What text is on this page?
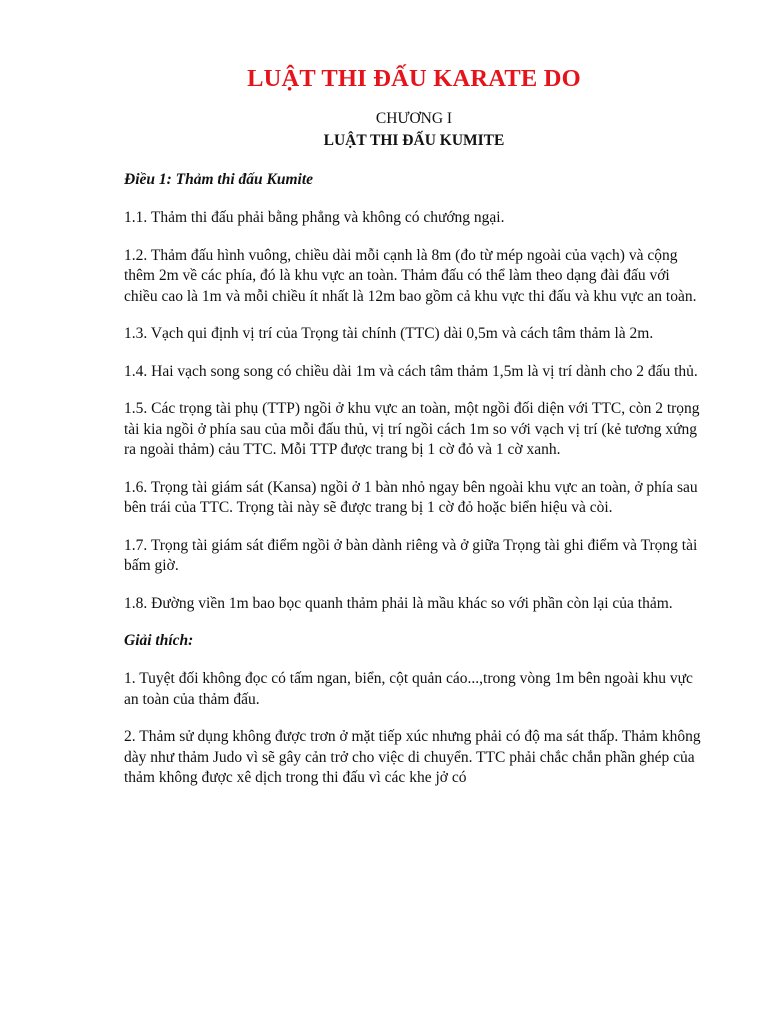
LUẬT THI ĐẤU KARATE DO

CHƯƠNG I

LUẬT THI ĐẤU KUMITE

Điều 1: Thảm thi đấu Kumite

1.1. Thảm thi đấu phải bằng phẳng và không có chướng ngại.

1.2. Thảm đấu hình vuông, chiều dài mỗi cạnh là 8m (đo từ mép ngoài của vạch) và cộng thêm 2m về các phía, đó là khu vực an toàn. Thảm đấu có thể làm theo dạng đài đấu với chiều cao là 1m và mỗi chiều ít nhất là 12m bao gồm cả khu vực thi đấu và khu vực an toàn.

1.3. Vạch qui định vị trí của Trọng tài chính (TTC) dài 0,5m và cách tâm thảm là 2m.

1.4. Hai vạch song song có chiều dài 1m và cách tâm thảm 1,5m là vị trí dành cho 2 đấu thủ.

1.5. Các trọng tài phụ (TTP) ngồi ở khu vực an toàn, một ngồi đối diện với TTC, còn 2 trọng tài kia ngồi ở phía sau của mỗi đấu thủ, vị trí ngồi cách 1m so với vạch vị trí (kẻ tương xứng ra ngoài thảm) cảu TTC. Mỗi TTP được trang bị 1 cờ đỏ và 1 cờ xanh.

1.6. Trọng tài giám sát (Kansa) ngồi ở 1 bàn nhỏ ngay bên ngoài khu vực an toàn, ở phía sau bên trái của TTC. Trọng tài này sẽ được trang bị 1 cờ đỏ hoặc biển hiệu và còi.

1.7. Trọng tài giám sát điểm ngồi ở bàn dành riêng và ở giữa Trọng tài ghi điểm và Trọng tài bấm giờ.

1.8. Đường viền 1m bao bọc quanh thảm phải là mầu khác so với phần còn lại của thảm.

Giải thích:

1. Tuyệt đối không đọc có tấm ngan, biển, cột quản cáo...,trong vòng 1m bên ngoài khu vực an toàn của thảm đấu.

2. Thảm sử dụng không được trơn ở mặt tiếp xúc nhưng phải có độ ma sát thấp. Thảm không dày như thảm Judo vì sẽ gây cản trở cho việc di chuyển. TTC phải chắc chắn phần ghép của thảm không được xê dịch trong thi đấu vì các khe jở có
